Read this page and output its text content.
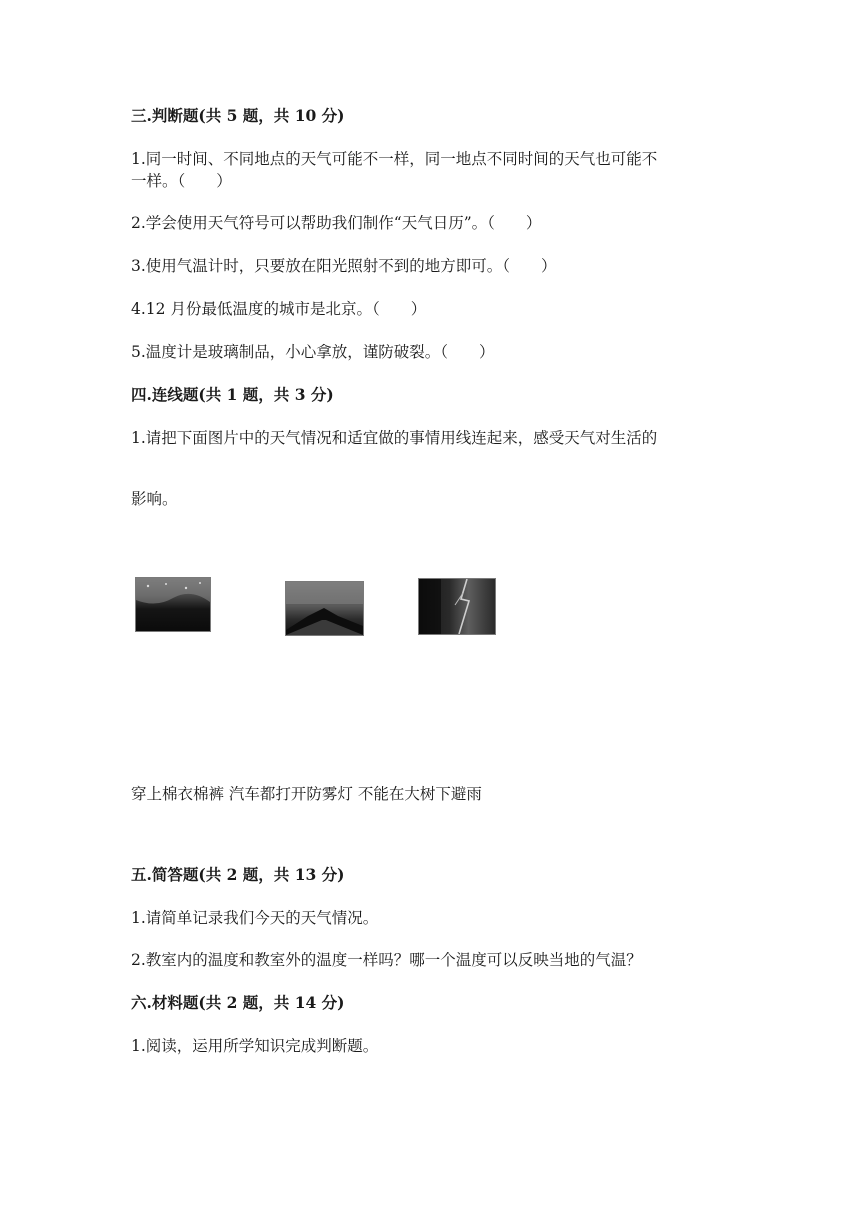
三.判断题(共 5 题，共 10 分)
1.同一时间、不同地点的天气可能不一样，同一地点不同时间的天气也可能不
一样。（　　）
2.学会使用天气符号可以帮助我们制作“天气日历”。（　　）
3.使用气温计时，只要放在阳光照射不到的地方即可。（　　）
4.12 月份最低温度的城市是北京。（　　）
5.温度计是玻璃制品，小心拿放，谨防破裂。（　　）
四.连线题(共 1 题，共 3 分)
1.请把下面图片中的天气情况和适宜做的事情用线连起来，感受天气对生活的
影响。
穿上棉衣棉裤 汽车都打开防雾灯 不能在大树下避雨
五.简答题(共 2 题，共 13 分)
1.请简单记录我们今天的天气情况。
2.教室内的温度和教室外的温度一样吗？哪一个温度可以反映当地的气温？
六.材料题(共 2 题，共 14 分)
1.阅读，运用所学知识完成判断题。
